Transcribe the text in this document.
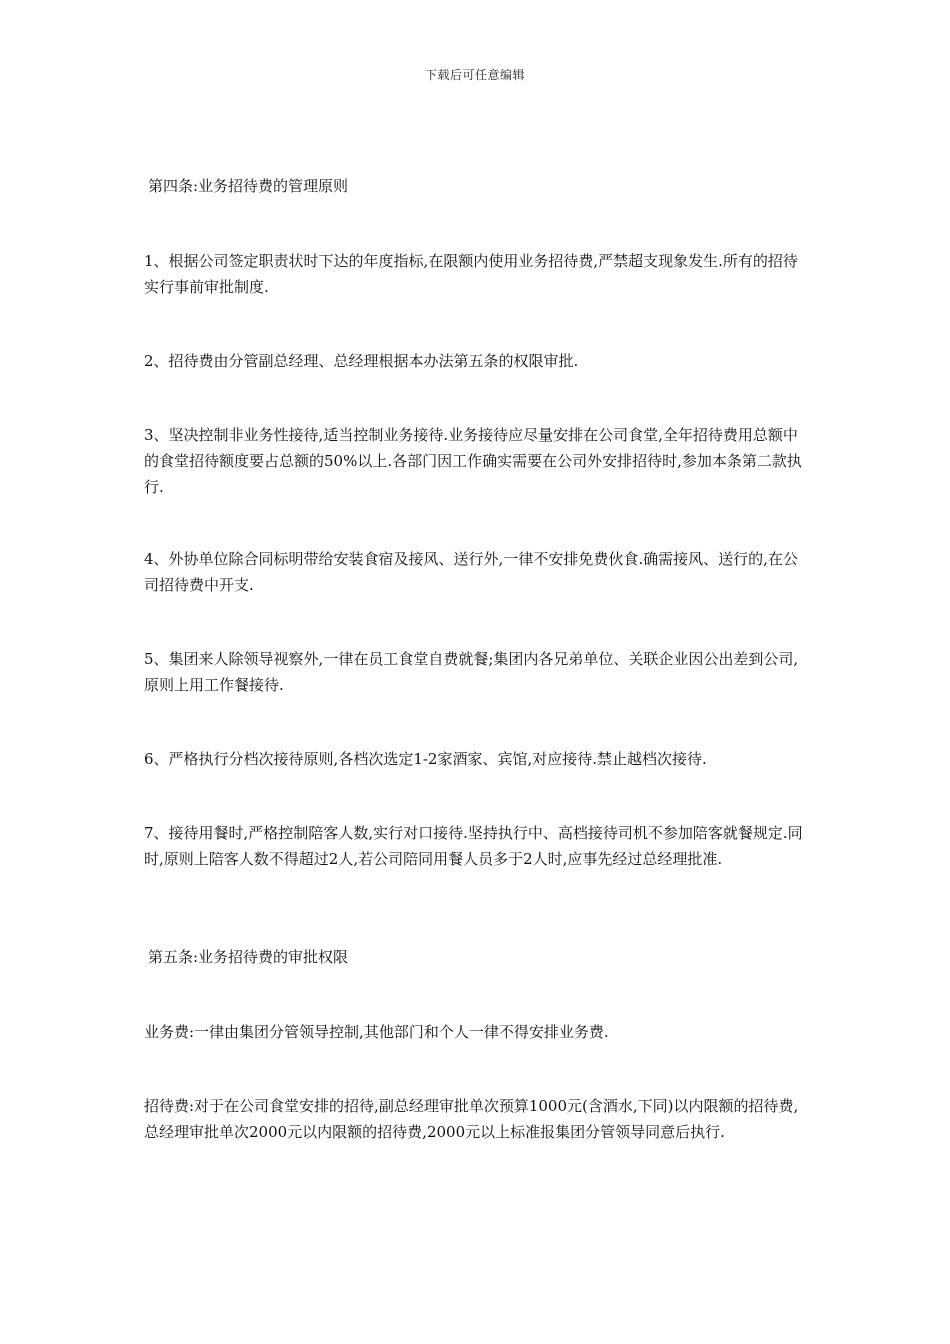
下载后可任意编辑

第四条:业务招待费的管理原则

1、根据公司签定职责状时下达的年度指标,在限额内使用业务招待费,严禁超支现象发生.所有的招待实行事前审批制度.

2、招待费由分管副总经理、总经理根据本办法第五条的权限审批.

3、坚决控制非业务性接待,适当控制业务接待.业务接待应尽量安排在公司食堂,全年招待费用总额中的食堂招待额度要占总额的50%以上.各部门因工作确实需要在公司外安排招待时,参加本条第二款执行.

4、外协单位除合同标明带给安装食宿及接风、送行外,一律不安排免费伙食.确需接风、送行的,在公司招待费中开支.

5、集团来人除领导视察外,一律在员工食堂自费就餐;集团内各兄弟单位、关联企业因公出差到公司,原则上用工作餐接待.

6、严格执行分档次接待原则,各档次选定1-2家酒家、宾馆,对应接待.禁止越档次接待.

7、接待用餐时,严格控制陪客人数,实行对口接待.坚持执行中、高档接待司机不参加陪客就餐规定.同时,原则上陪客人数不得超过2人,若公司陪同用餐人员多于2人时,应事先经过总经理批准.

第五条:业务招待费的审批权限

业务费:一律由集团分管领导控制,其他部门和个人一律不得安排业务费.

招待费:对于在公司食堂安排的招待,副总经理审批单次预算1000元(含酒水,下同)以内限额的招待费,总经理审批单次2000元以内限额的招待费,2000元以上标准报集团分管领导同意后执行.
